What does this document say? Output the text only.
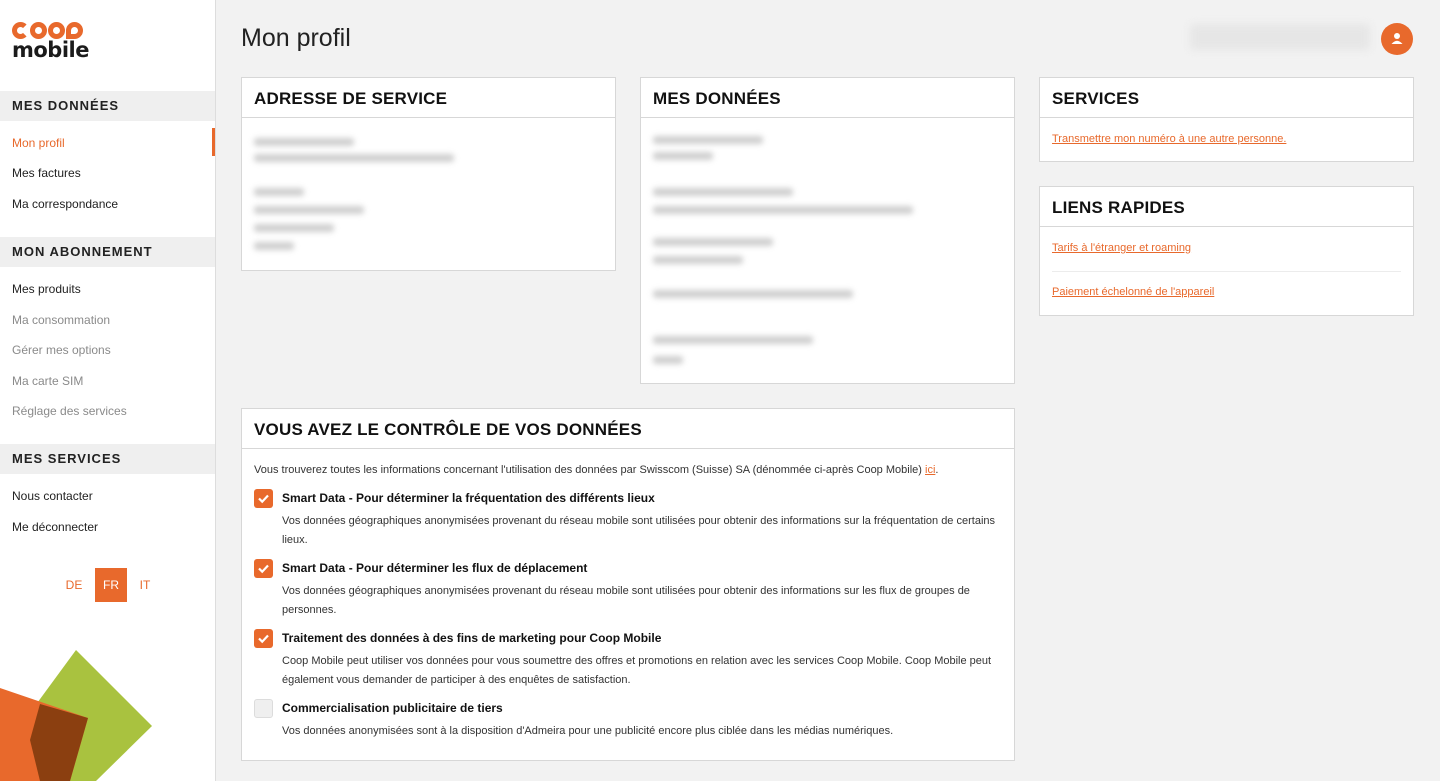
mobile
MES DONNÉES
Mon profil
Mes factures
Ma correspondance
MON ABONNEMENT
Mes produits
Ma consommation
Gérer mes options
Ma carte SIM
Réglage des services
MES SERVICES
Nous contacter
Me déconnecter
DE	FR	IT
Mon profil
ADRESSE DE SERVICE	MES DONNÉES	SERVICES
Transmettre mon numéro à une autre personne.
LIENS RAPIDES
Tarifs à l'étranger et roaming
Paiement échelonné de l'appareil
VOUS AVEZ LE CONTRÔLE DE VOS DONNÉES

Vous trouverez toutes les informations concernant l'utilisation des données par Swisscom (Suisse) SA (dénommée ci-après Coop Mobile) ici.

Smart Data - Pour déterminer la fréquentation des différents lieux
Vos données géographiques anonymisées provenant du réseau mobile sont utilisées pour obtenir des informations sur la fréquentation de certains lieux.
Smart Data - Pour déterminer les flux de déplacement
Vos données géographiques anonymisées provenant du réseau mobile sont utilisées pour obtenir des informations sur les flux de groupes de personnes.
Traitement des données à des fins de marketing pour Coop Mobile
Coop Mobile peut utiliser vos données pour vous soumettre des offres et promotions en relation avec les services Coop Mobile. Coop Mobile peut également vous demander de participer à des enquêtes de satisfaction.
Commercialisation publicitaire de tiers
Vos données anonymisées sont à la disposition d'Admeira pour une publicité encore plus ciblée dans les médias numériques.
